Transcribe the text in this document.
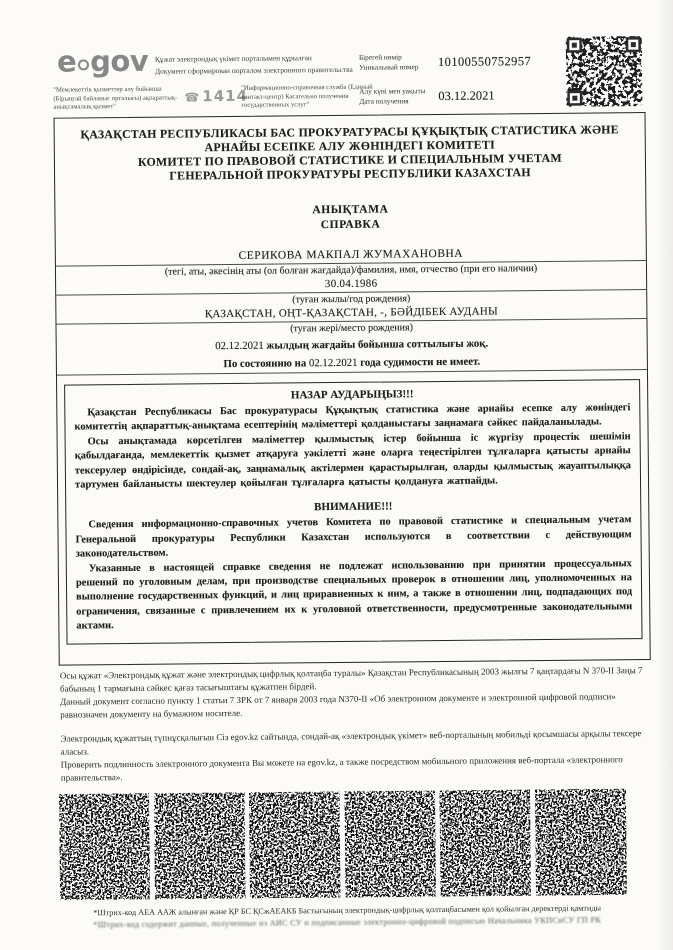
e gov Құжат электрондық үкімет порталымен құрылған
Документ сформирован порталом электронного правительства
"Мемлекеттік қызметтер алу бойынша (Бірыңғай байланыс орталығы) ақпараттық-анықтамалық қызмет"
☎ 1414
"Информационно-справочная служба (Единый контакт-центр) Касательно получения государственных услуг"
Бірегей нөмір
Уникальный номер	10100550752957
Алу күні мен уақыты
Дата получения	03.12.2021
ҚАЗАҚСТАН РЕСПУБЛИКАСЫ БАС ПРОКУРАТУРАСЫ ҚҰҚЫҚТЫҚ СТАТИСТИКА ЖӘНЕ
АРНАЙЫ ЕСЕПКЕ АЛУ ЖӨНІНДЕГІ КОМИТЕТІ
КОМИТЕТ ПО ПРАВОВОЙ СТАТИСТИКЕ И СПЕЦИАЛЬНЫМ УЧЕТАМ
ГЕНЕРАЛЬНОЙ ПРОКУРАТУРЫ РЕСПУБЛИКИ КАЗАХСТАН
АНЫҚТАМА
СПРАВКА
СЕРИКОВА МАКПАЛ ЖУМАХАНОВНА
(тегі, аты, әкесінің аты (ол болған жағдайда)/фамилия, имя, отчество (при его наличии)
30.04.1986
(туған жылы/год рождения)
ҚАЗАҚСТАН, ОҢТ-ҚАЗАҚСТАН, -, БӘЙДІБЕК АУДАНЫ
(туған жері/место рождения)
02.12.2021 жылдың жағдайы бойынша соттылығы жоқ.
По состоянию на 02.12.2021 года судимости не имеет.
НАЗАР АУДАРЫҢЫЗ!!!

Қазақстан Республикасы Бас прокуратурасы Құқықтық статистика және арнайы есепке алу жөніндегі комитеттің ақпараттық-анықтама есептерінің мәліметтері қолданыстағы заңнамаға сәйкес пайдаланылады.

Осы анықтамада көрсетілген мәліметтер қылмыстық істер бойынша іс жүргізу процестік шешімін қабылдағанда, мемлекеттік қызмет атқаруға уәкілетті және оларға теңестірілген тұлғаларға қатысты арнайы тексерулер өндірісінде, сондай-ақ, заңнамалық актілермен қарастырылған, оларды қылмыстық жауаптылыққа тартумен байланысты шектеулер қойылған тұлғаларға қатысты қолдануға жатпайды.

ВНИМАНИЕ!!!

Сведения информационно-справочных учетов Комитета по правовой статистике и специальным учетам Генеральной прокуратуры Республики Казахстан используются в соответствии с действующим законодательством.

Указанные в настоящей справке сведения не подлежат использованию при принятии процессуальных решений по уголовным делам, при производстве специальных проверок в отношении лиц, уполномоченных на выполнение государственных функций, и лиц приравненных к ним, а также в отношении лиц, подпадающих под ограничения, связанные с привлечением их к уголовной ответственности, предусмотренные законодательными актами.

Осы құжат «Электрондық құжат және электрондық цифрлық қолтаңба туралы» Қазақстан Республикасының 2003 жылғы 7 қаңтардағы N 370-II Заңы 7 бабының 1 тармағына сәйкес қағаз тасығыштағы құжатпен бірдей.

Данный документ согласно пункту 1 статьи 7 ЗРК от 7 января 2003 года N370-II «Об электронном документе и электронной цифровой подписи» равнозначен документу на бумажном носителе.

Электрондық құжаттың түпнұсқалығын Сіз egov.kz сайтында, сондай-ақ «электрондық үкімет» веб-порталының мобильді қосымшасы арқылы тексере аласыз.

Проверить подлинность электронного документа Вы можете на egov.kz, а также посредством мобильного приложения веб-портала «электронного правительства».

*Штрих-код АЕА ААЖ алынған және ҚР БС ҚСжАЕАКБ Бастығының электрондық-цифрлық қолтаңбасымен қол қойылған деректерді қамтиды
*Штрих-код содержит данные, полученные из АИС СУ и подписанные электронно-цифровой подписью Начальника УКПСиСУ ГП РК
